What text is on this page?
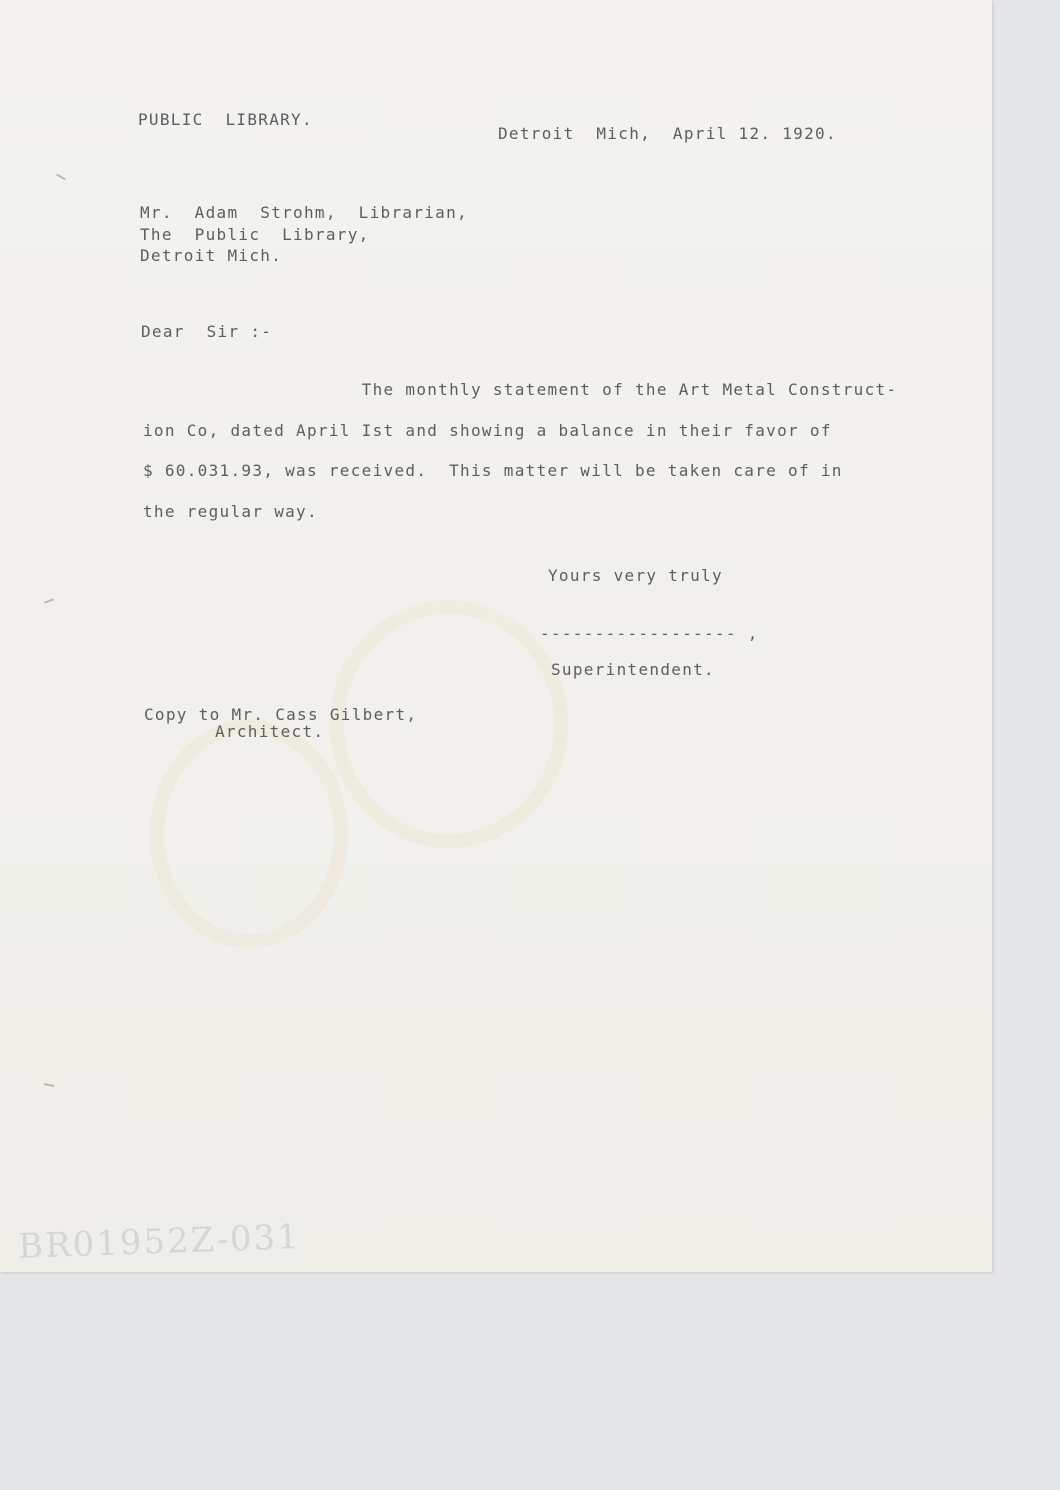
PUBLIC  LIBRARY.

Detroit  Mich,  April 12. 1920.

Mr.  Adam  Strohm,  Librarian,

The  Public  Library,

Detroit Mich.

Dear  Sir :-

The monthly statement of the Art Metal Construct-
ion Co, dated April Ist and showing a balance in their favor of
$ 60.031.93, was received.  This matter will be taken care of in
the regular way.

Yours very truly

------------------ ,

Superintendent.

Copy to Mr. Cass Gilbert,

Architect.

BR01952Z-031
